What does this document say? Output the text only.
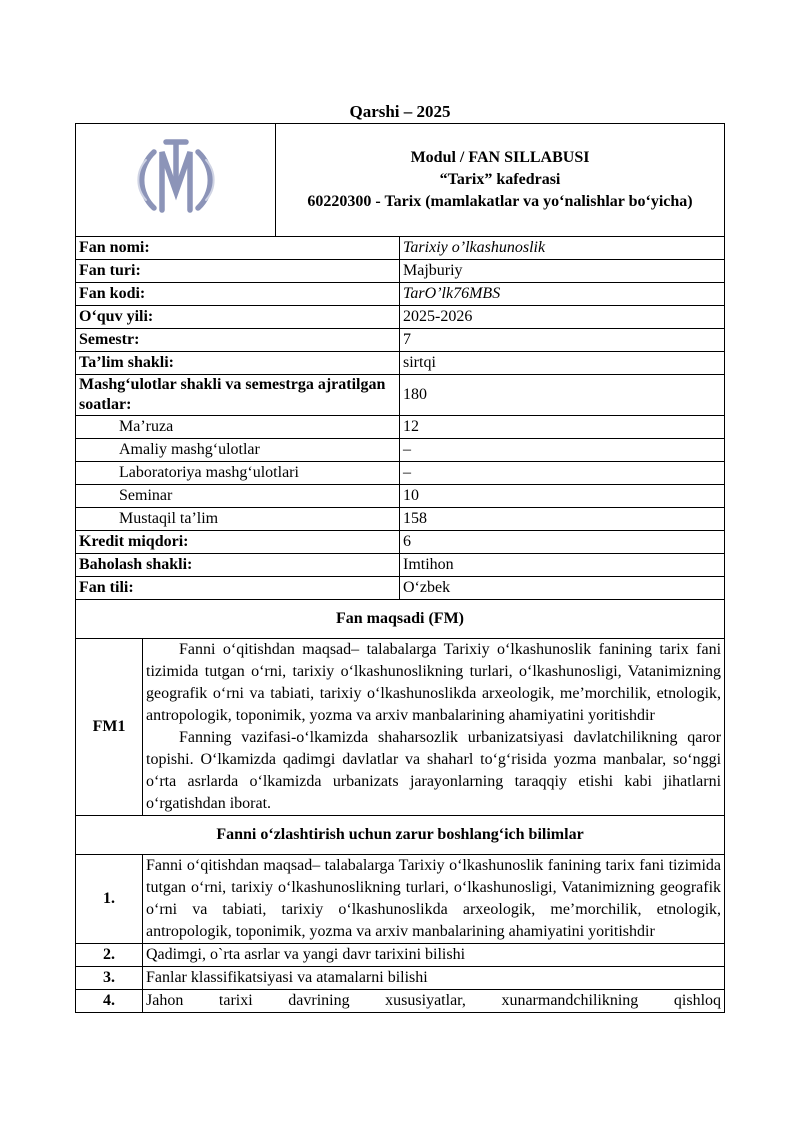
Qarshi – 2025

Modul / FAN SILLABUSI
“Tarix” kafedrasi
60220300 - Tarix (mamlakatlar va yo‘nalishlar bo‘yicha)	

Fan nomi:			Tarixiy o’lkashunoslik
Fan turi:			Majburiy
Fan kodi:			TarO’lk76MBS
O‘quv yili:			2025-2026
Semestr:			7
Ta’lim shakli:			sirtqi
Mashg‘ulotlar shakli va semestrga ajratilgan soatlar:			180
Ma’ruza			12
Amaliy mashg‘ulotlar			–
Laboratoriya mashg‘ulotlari			–
Seminar			10
Mustaqil ta’lim			158
Kredit miqdori:			6
Baholash shakli:			Imtihon
Fan tili:			O‘zbek
Fan maqsadi (FM)			
FM1	Fanni o‘qitishdan maqsad– talabalarga Tarixiy o‘lkashunoslik fanining tarix fani tizimida tutgan o‘rni, tarixiy o‘lkashunoslikning turlari, o‘lkashunosligi, Vatanimizning geografik o‘rni va tabiati, tarixiy o‘lkashunoslikda arxeologik, me’morchilik, etnologik, antropologik, toponimik, yozma va arxiv manbalarining ahamiyatini yoritishdir

Fanning vazifasi-o‘lkamizda shaharsozlik urbanizatsiyasi davlatchilikning qaror topishi. O‘lkamizda qadimgi davlatlar va shaharl to‘g‘risida yozma manbalar, so‘nggi o‘rta asrlarda o‘lkamizda urbanizats jarayonlarning taraqqiy etishi kabi jihatlarni o‘rgatishdan iborat.		

Fanni o‘zlashtirish uchun zarur boshlang‘ich bilimlar			
1.	Fanni o‘qitishdan maqsad– talabalarga Tarixiy o‘lkashunoslik fanining tarix fani tizimida tutgan o‘rni, tarixiy o‘lkashunoslikning turlari, o‘lkashunosligi, Vatanimizning geografik o‘rni va tabiati, tarixiy o‘lkashunoslikda arxeologik, me’morchilik, etnologik, antropologik, toponimik, yozma va arxiv manbalarining ahamiyatini yoritishdir		
2.	Qadimgi, o`rta asrlar va yangi davr tarixini bilishi		
3.	Fanlar klassifikatsiyasi va atamalarni bilishi		
4.	Jahon tarixi davrining xususiyatlar, xunarmandchilikning qishloq		
